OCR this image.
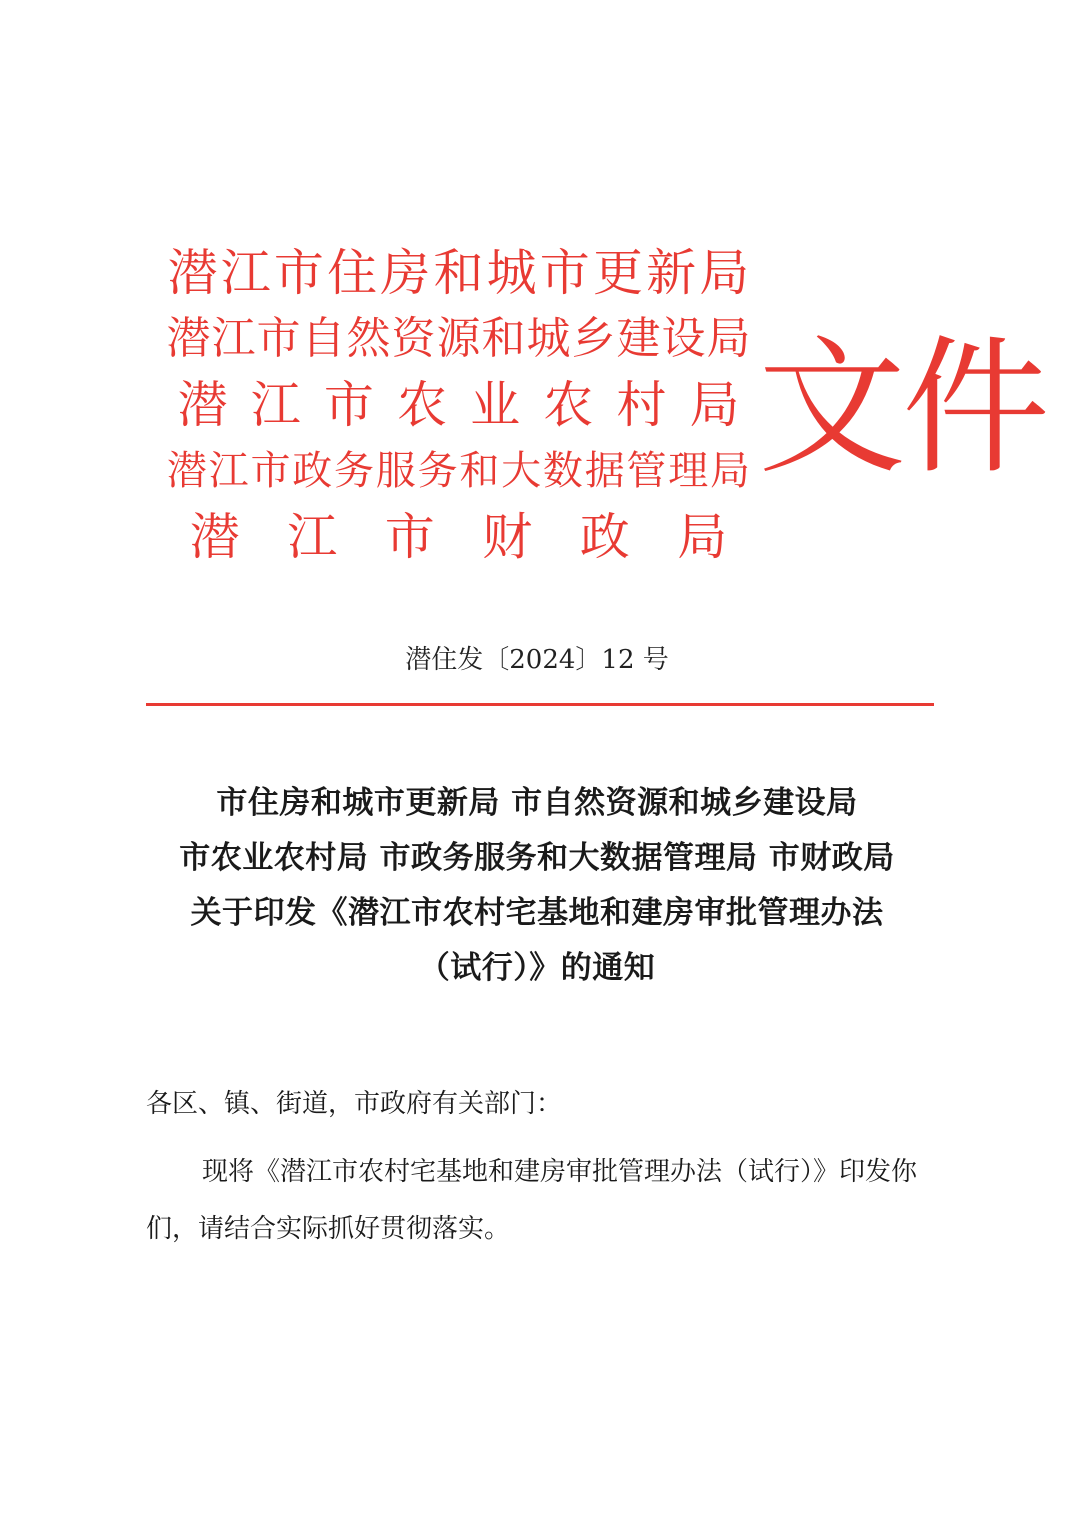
潜江市住房和城市更新局
潜江市自然资源和城乡建设局
潜 江 市 农 业 农 村 局
潜江市政务服务和大数据管理局
潜 江 市 财 政 局
文件
潜住发〔2024〕12 号
市住房和城市更新局 市自然资源和城乡建设局
市农业农村局 市政务服务和大数据管理局 市财政局
关于印发《潜江市农村宅基地和建房审批管理办法
（试行）》的通知
各区、镇、街道，市政府有关部门：
现将《潜江市农村宅基地和建房审批管理办法（试行）》印发你们，请结合实际抓好贯彻落实。
